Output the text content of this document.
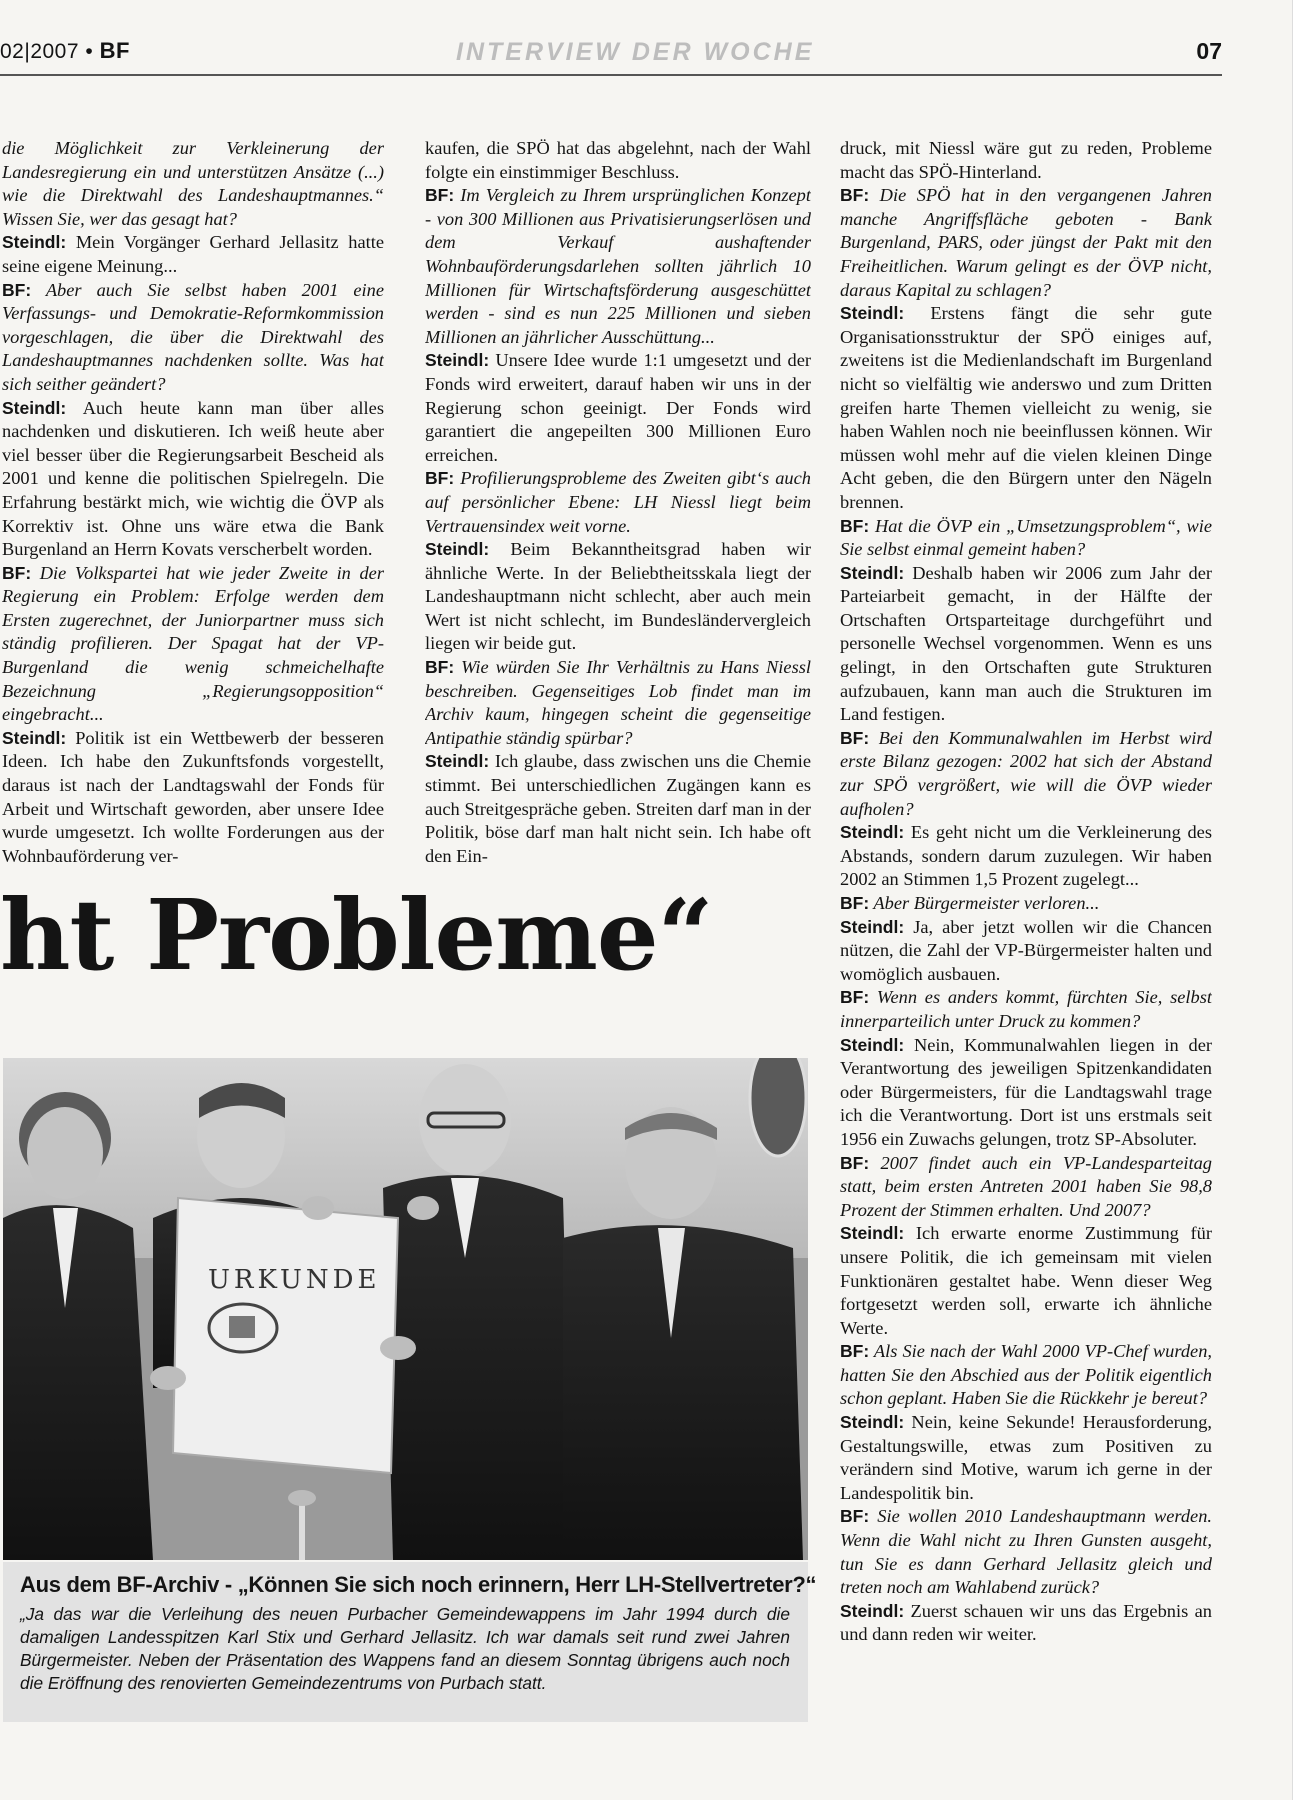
02|2007 • BF	INTERVIEW DER WOCHE	07

die Möglichkeit zur Verkleinerung der Landesregierung ein und unterstützen Ansätze (...) wie die Direktwahl des Landeshauptmannes.“ Wissen Sie, wer das gesagt hat?

Steindl: Mein Vorgänger Gerhard Jellasitz hatte seine eigene Meinung...

BF: Aber auch Sie selbst haben 2001 eine Verfassungs- und Demokratie-Reformkommission vorgeschlagen, die über die Direktwahl des Landeshauptmannes nachdenken sollte. Was hat sich seither geändert?

Steindl: Auch heute kann man über alles nachdenken und diskutieren. Ich weiß heute aber viel besser über die Regierungsarbeit Bescheid als 2001 und kenne die politischen Spielregeln. Die Erfahrung bestärkt mich, wie wichtig die ÖVP als Korrektiv ist. Ohne uns wäre etwa die Bank Burgenland an Herrn Kovats verscherbelt worden.

BF: Die Volkspartei hat wie jeder Zweite in der Regierung ein Problem: Erfolge werden dem Ersten zugerechnet, der Juniorpartner muss sich ständig profilieren. Der Spagat hat der VP-Burgenland die wenig schmeichelhafte Bezeichnung „Regierungsopposition“ eingebracht...

Steindl: Politik ist ein Wettbewerb der besseren Ideen. Ich habe den Zukunftsfonds vorgestellt, daraus ist nach der Landtagswahl der Fonds für Arbeit und Wirtschaft geworden, aber unsere Idee wurde umgesetzt. Ich wollte Forderungen aus der Wohnbauförderung ver-

kaufen, die SPÖ hat das abgelehnt, nach der Wahl folgte ein einstimmiger Beschluss.

BF: Im Vergleich zu Ihrem ursprünglichen Konzept - von 300 Millionen aus Privatisierungserlösen und dem Verkauf aushaftender Wohnbauförderungsdarlehen sollten jährlich 10 Millionen für Wirtschaftsförderung ausgeschüttet werden - sind es nun 225 Millionen und sieben Millionen an jährlicher Ausschüttung...

Steindl: Unsere Idee wurde 1:1 umgesetzt und der Fonds wird erweitert, darauf haben wir uns in der Regierung schon geeinigt. Der Fonds wird garantiert die angepeilten 300 Millionen Euro erreichen.

BF: Profilierungsprobleme des Zweiten gibt‘s auch auf persönlicher Ebene: LH Niessl liegt beim Vertrauensindex weit vorne.

Steindl: Beim Bekanntheitsgrad haben wir ähnliche Werte. In der Beliebtheitsskala liegt der Landeshauptmann nicht schlecht, aber auch mein Wert ist nicht schlecht, im Bundesländervergleich liegen wir beide gut.

BF: Wie würden Sie Ihr Verhältnis zu Hans Niessl beschreiben. Gegenseitiges Lob findet man im Archiv kaum, hingegen scheint die gegenseitige Antipathie ständig spürbar?

Steindl: Ich glaube, dass zwischen uns die Chemie stimmt. Bei unterschiedlichen Zugängen kann es auch Streitgespräche geben. Streiten darf man in der Politik, böse darf man halt nicht sein. Ich habe oft den Ein-

druck, mit Niessl wäre gut zu reden, Probleme macht das SPÖ-Hinterland.

BF: Die SPÖ hat in den vergangenen Jahren manche Angriffsfläche geboten - Bank Burgenland, PARS, oder jüngst der Pakt mit den Freiheitlichen. Warum gelingt es der ÖVP nicht, daraus Kapital zu schlagen?

Steindl: Erstens fängt die sehr gute Organisationsstruktur der SPÖ einiges auf, zweitens ist die Medienlandschaft im Burgenland nicht so vielfältig wie anderswo und zum Dritten greifen harte Themen vielleicht zu wenig, sie haben Wahlen noch nie beeinflussen können. Wir müssen wohl mehr auf die vielen kleinen Dinge Acht geben, die den Bürgern unter den Nägeln brennen.

BF: Hat die ÖVP ein „Umsetzungsproblem“, wie Sie selbst einmal gemeint haben?

Steindl: Deshalb haben wir 2006 zum Jahr der Parteiarbeit gemacht, in der Hälfte der Ortschaften Ortsparteitage durchgeführt und personelle Wechsel vorgenommen. Wenn es uns gelingt, in den Ortschaften gute Strukturen aufzubauen, kann man auch die Strukturen im Land festigen.

BF: Bei den Kommunalwahlen im Herbst wird erste Bilanz gezogen: 2002 hat sich der Abstand zur SPÖ vergrößert, wie will die ÖVP wieder aufholen?

Steindl: Es geht nicht um die Verkleinerung des Abstands, sondern darum zuzulegen. Wir haben 2002 an Stimmen 1,5 Prozent zugelegt...

BF: Aber Bürgermeister verloren...

Steindl: Ja, aber jetzt wollen wir die Chancen nützen, die Zahl der VP-Bürgermeister halten und womöglich ausbauen.

BF: Wenn es anders kommt, fürchten Sie, selbst innerparteilich unter Druck zu kommen?

Steindl: Nein, Kommunalwahlen liegen in der Verantwortung des jeweiligen Spitzenkandidaten oder Bürgermeisters, für die Landtagswahl trage ich die Verantwortung. Dort ist uns erstmals seit 1956 ein Zuwachs gelungen, trotz SP-Absoluter.

BF: 2007 findet auch ein VP-Landesparteitag statt, beim ersten Antreten 2001 haben Sie 98,8 Prozent der Stimmen erhalten. Und 2007?

Steindl: Ich erwarte enorme Zustimmung für unsere Politik, die ich gemeinsam mit vielen Funktionären gestaltet habe. Wenn dieser Weg fortgesetzt werden soll, erwarte ich ähnliche Werte.

BF: Als Sie nach der Wahl 2000 VP-Chef wurden, hatten Sie den Abschied aus der Politik eigentlich schon geplant. Haben Sie die Rückkehr je bereut?

Steindl: Nein, keine Sekunde! Herausforderung, Gestaltungswille, etwas zum Positiven zu verändern sind Motive, warum ich gerne in der Landespolitik bin.

BF: Sie wollen 2010 Landeshauptmann werden. Wenn die Wahl nicht zu Ihren Gunsten ausgeht, tun Sie es dann Gerhard Jellasitz gleich und treten noch am Wahlabend zurück?

Steindl: Zuerst schauen wir uns das Ergebnis an und dann reden wir weiter.

ht Probleme“
URKUNDE
Aus dem BF-Archiv - „Können Sie sich noch erinnern, Herr LH-Stellvertreter?“
„Ja das war die Verleihung des neuen Purbacher Gemeindewappens im Jahr 1994 durch die damaligen Landesspitzen Karl Stix und Gerhard Jellasitz. Ich war damals seit rund zwei Jahren Bürgermeister. Neben der Präsentation des Wappens fand an diesem Sonntag übrigens auch noch die Eröffnung des renovierten Gemeindezentrums von Purbach statt.
